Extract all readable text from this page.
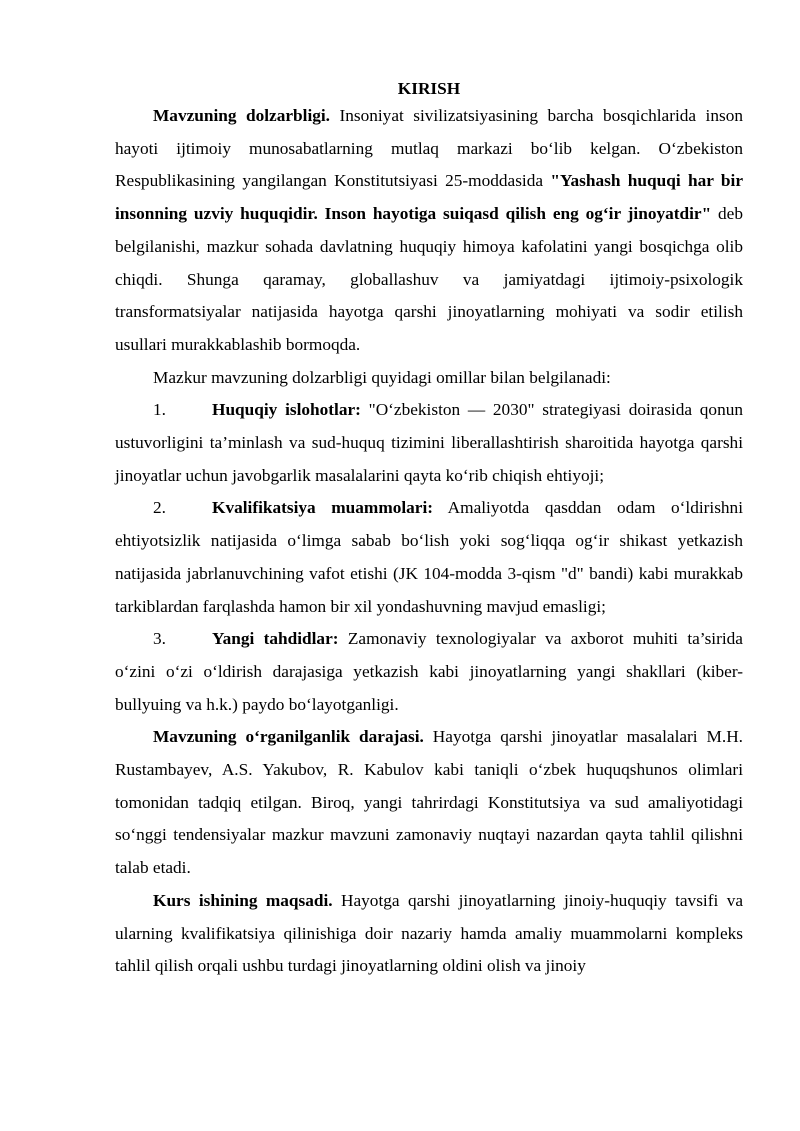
KIRISH

Mavzuning dolzarbligi. Insoniyat sivilizatsiyasining barcha bosqichlarida inson hayoti ijtimoiy munosabatlarning mutlaq markazi bo‘lib kelgan. O‘zbekiston Respublikasining yangilangan Konstitutsiyasi 25-moddasida "Yashash huquqi har bir insonning uzviy huquqidir. Inson hayotiga suiqasd qilish eng og‘ir jinoyatdir" deb belgilanishi, mazkur sohada davlatning huquqiy himoya kafolatini yangi bosqichga olib chiqdi. Shunga qaramay, globallashuv va jamiyatdagi ijtimoiy-psixologik transformatsiyalar natijasida hayotga qarshi jinoyatlarning mohiyati va sodir etilish usullari murakkablashib bormoqda.

Mazkur mavzuning dolzarbligi quyidagi omillar bilan belgilanadi:

1.	Huquqiy islohotlar: "O‘zbekiston — 2030" strategiyasi doirasida qonun ustuvorligini ta’minlash va sud-huquq tizimini liberallashtirish sharoitida hayotga qarshi jinoyatlar uchun javobgarlik masalalarini qayta ko‘rib chiqish ehtiyoji;

2.	Kvalifikatsiya muammolari: Amaliyotda qasddan odam o‘ldirishni ehtiyotsizlik natijasida o‘limga sabab bo‘lish yoki sog‘liqqa og‘ir shikast yetkazish natijasida jabrlanuvchining vafot etishi (JK 104-modda 3-qism "d" bandi) kabi murakkab tarkiblardan farqlashda hamon bir xil yondashuvning mavjud emasligi;

3.	Yangi tahdidlar: Zamonaviy texnologiyalar va axborot muhiti ta’sirida o‘zini o‘zi o‘ldirish darajasiga yetkazish kabi jinoyatlarning yangi shakllari (kiber-bullyuing va h.k.) paydo bo‘layotganligi.

Mavzuning o‘rganilganlik darajasi. Hayotga qarshi jinoyatlar masalalari M.H. Rustambayev, A.S. Yakubov, R. Kabulov kabi taniqli o‘zbek huquqshunos olimlari tomonidan tadqiq etilgan. Biroq, yangi tahrirdagi Konstitutsiya va sud amaliyotidagi so‘nggi tendensiyalar mazkur mavzuni zamonaviy nuqtayi nazardan qayta tahlil qilishni talab etadi.

Kurs ishining maqsadi. Hayotga qarshi jinoyatlarning jinoiy-huquqiy tavsifi va ularning kvalifikatsiya qilinishiga doir nazariy hamda amaliy muammolarni kompleks tahlil qilish orqali ushbu turdagi jinoyatlarning oldini olish va jinoiy
